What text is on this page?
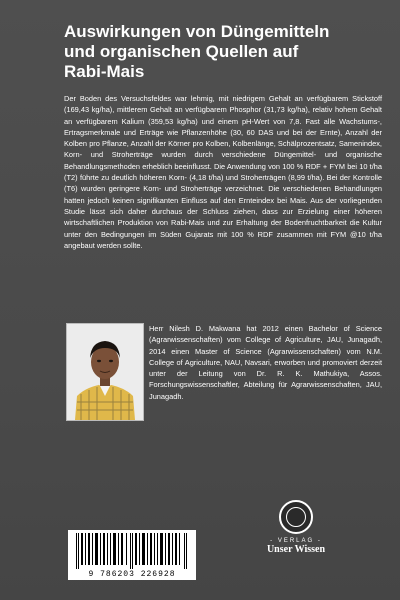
Auswirkungen von Düngemitteln
und organischen Quellen auf
Rabi-Mais
Der Boden des Versuchsfeldes war lehmig, mit niedrigem Gehalt an verfügbarem Stickstoff (169,43 kg/ha), mittlerem Gehalt an verfügbarem Phosphor (31,73 kg/ha), relativ hohem Gehalt an verfügbarem Kalium (359,53 kg/ha) und einem pH-Wert von 7,8. Fast alle Wachstums-, Ertragsmerkmale und Erträge wie Pflanzenhöhe (30, 60 DAS und bei der Ernte), Anzahl der Kolben pro Pflanze, Anzahl der Körner pro Kolben, Kolbenlänge, Schälprozentsatz, Samenindex, Korn- und Stroherträge wurden durch verschiedene Düngemittel- und organische Behandlungsmethoden erheblich beeinflusst. Die Anwendung von 100 % RDF + FYM bei 10 t/ha (T2) führte zu deutlich höheren Korn- (4,18 t/ha) und Stroherträgen (8,99 t/ha). Bei der Kontrolle (T6) wurden geringere Korn- und Stroherträge verzeichnet. Die verschiedenen Behandlungen hatten jedoch keinen signifikanten Einfluss auf den Ernteindex bei Mais. Aus der vorliegenden Studie lässt sich daher durchaus der Schluss ziehen, dass zur Erzielung einer höheren wirtschaftlichen Produktion von Rabi-Mais und zur Erhaltung der Bodenfruchtbarkeit die Kultur unter den Bedingungen im Süden Gujarats mit 100 % RDF zusammen mit FYM @10 t/ha angebaut werden sollte.
Herr Nilesh D. Makwana hat 2012 einen Bachelor of Science (Agrarwissenschaften) vom College of Agriculture, JAU, Junagadh, 2014 einen Master of Science (Agrarwissenschaften) vom N.M. College of Agriculture, NAU, Navsari, erworben und promoviert derzeit unter der Leitung von Dr. R. K. Mathukiya, Assos. Forschungswissenschaftler, Abteilung für Agrarwissenschaften, JAU, Junagadh.
- VERLAG -
Unser Wissen
9 786203 226928
